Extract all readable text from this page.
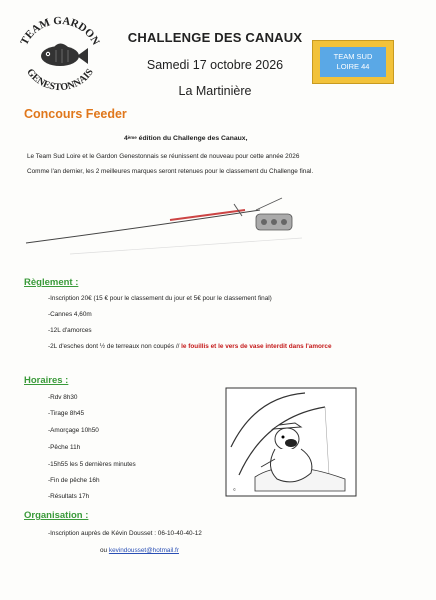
TEAM GARDON
GENESTONNAIS
CHALLENGE DES CANAUX
Samedi 17 octobre 2026
La Martinière
TEAM SUD
LOIRE 44
Concours Feeder
4ème édition du Challenge des Canaux,
Le Team Sud Loire et le Gardon Genestonnais se réunissent de nouveau pour cette année 2026
Comme l'an dernier, les 2 meilleures marques seront retenues pour le classement du Challenge final.
Règlement :
-Inscription 20€ (15 € pour le classement du jour et 5€ pour le classement final)
-Cannes 4,60m
-12L d'amorces
-2L d'esches dont ½ de terreaux non coupés // le fouillis et le vers de vase interdit dans l'amorce
Horaires :
-Rdv 8h30
-Tirage 8h45
-Amorçage 10h50
-Pêche 11h
-15h55 les 5 dernières minutes
-Fin de pêche 16h
-Résultats 17h
©
Organisation :
-Inscription auprès de Kévin Dousset : 06-10-40-40-12
ou kevindousset@hotmail.fr
